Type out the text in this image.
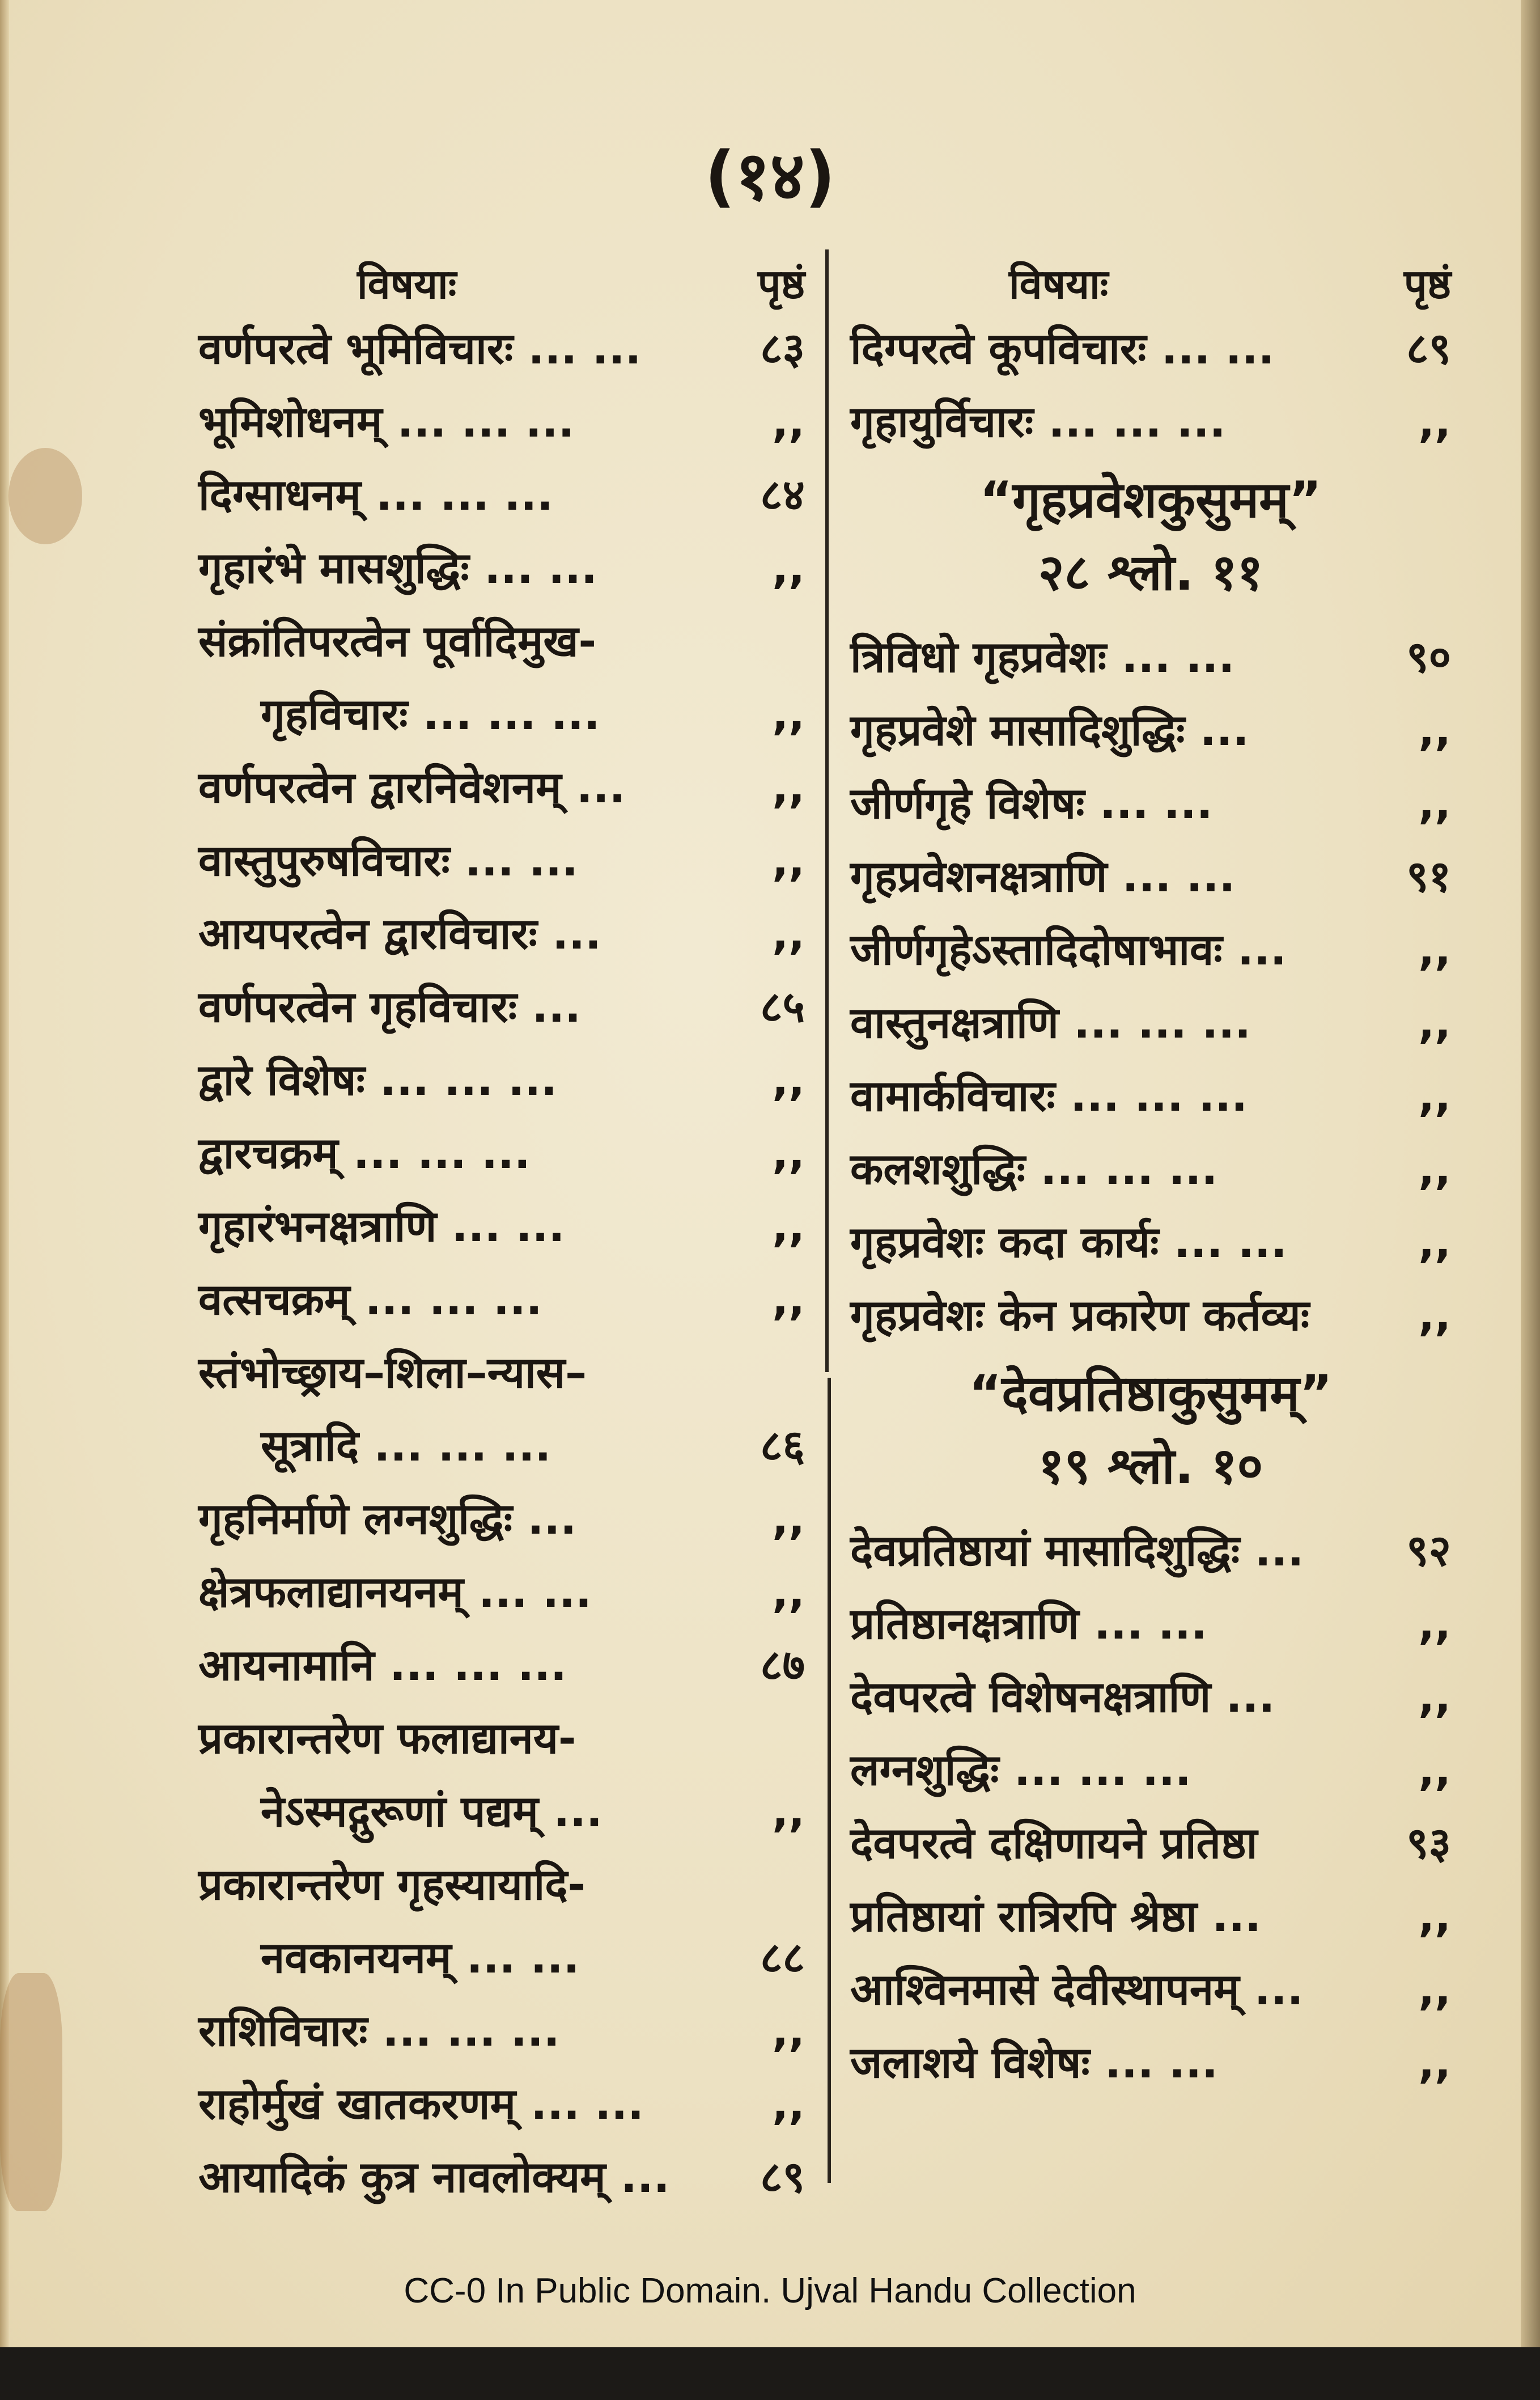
(१४)
विषयाः	पृष्ठं
वर्णपरत्वे भूमिविचारः ... ...	८३
भूमिशोधनम् ... ... ...	,,
दिग्साधनम् ... ... ...	८४
गृहारंभे मासशुद्धिः ... ...	,,
संक्रांतिपरत्वेन पूर्वादिमुख-
गृहविचारः ... ... ...	,,
वर्णपरत्वेन द्वारनिवेशनम् ...	,,
वास्तुपुरुषविचारः ... ...	,,
आयपरत्वेन द्वारविचारः ...	,,
वर्णपरत्वेन गृहविचारः ...	८५
द्वारे विशेषः ... ... ...	,,
द्वारचक्रम् ... ... ...	,,
गृहारंभनक्षत्राणि ... ...	,,
वत्सचक्रम् ... ... ...	,,
स्तंभोच्छ्राय–शिला–न्यास–
सूत्रादि ... ... ...	८६
गृहनिर्माणे लग्नशुद्धिः ...	,,
क्षेत्रफलाद्यानयनम् ... ...	,,
आयनामानि ... ... ...	८७
प्रकारान्तरेण फलाद्यानय-
नेऽस्मद्गुरूणां पद्यम् ...	,,
प्रकारान्तरेण गृहस्यायादि-
नवकानयनम् ... ...	८८
राशिविचारः ... ... ...	,,
राहोर्मुखं खातकरणम् ... ...	,,
आयादिकं कुत्र नावलोक्यम् ... ८९
विषयाः	पृष्ठं
दिग्परत्वे कूपविचारः ... ...	८९
गृहायुर्विचारः ... ... ...	,,
“गृहप्रवेशकुसुमम्”
२८ श्लो. ११
त्रिविधो गृहप्रवेशः ... ...	९०
गृहप्रवेशे मासादिशुद्धिः ...	,,
जीर्णगृहे विशेषः ... ...	,,
गृहप्रवेशनक्षत्राणि ... ...	९१
जीर्णगृहेऽस्तादिदोषाभावः ...	,,
वास्तुनक्षत्राणि ... ... ...	,,
वामार्कविचारः ... ... ...	,,
कलशशुद्धिः ... ... ...	,,
गृहप्रवेशः कदा कार्यः ... ...	,,
गृहप्रवेशः केन प्रकारेण कर्तव्यः	,,
“देवप्रतिष्ठाकुसुमम्”
१९ श्लो. १०
देवप्रतिष्ठायां मासादिशुद्धिः ... ९२
प्रतिष्ठानक्षत्राणि ... ...	,,
देवपरत्वे विशेषनक्षत्राणि ...	,,
लग्नशुद्धिः ... ... ...	,,
देवपरत्वे दक्षिणायने प्रतिष्ठा	९३
प्रतिष्ठायां रात्रिरपि श्रेष्ठा ...	,,
आश्विनमासे देवीस्थापनम् ...	,,
जलाशये विशेषः ... ...	,,
CC-0 In Public Domain. Ujval Handu Collection
